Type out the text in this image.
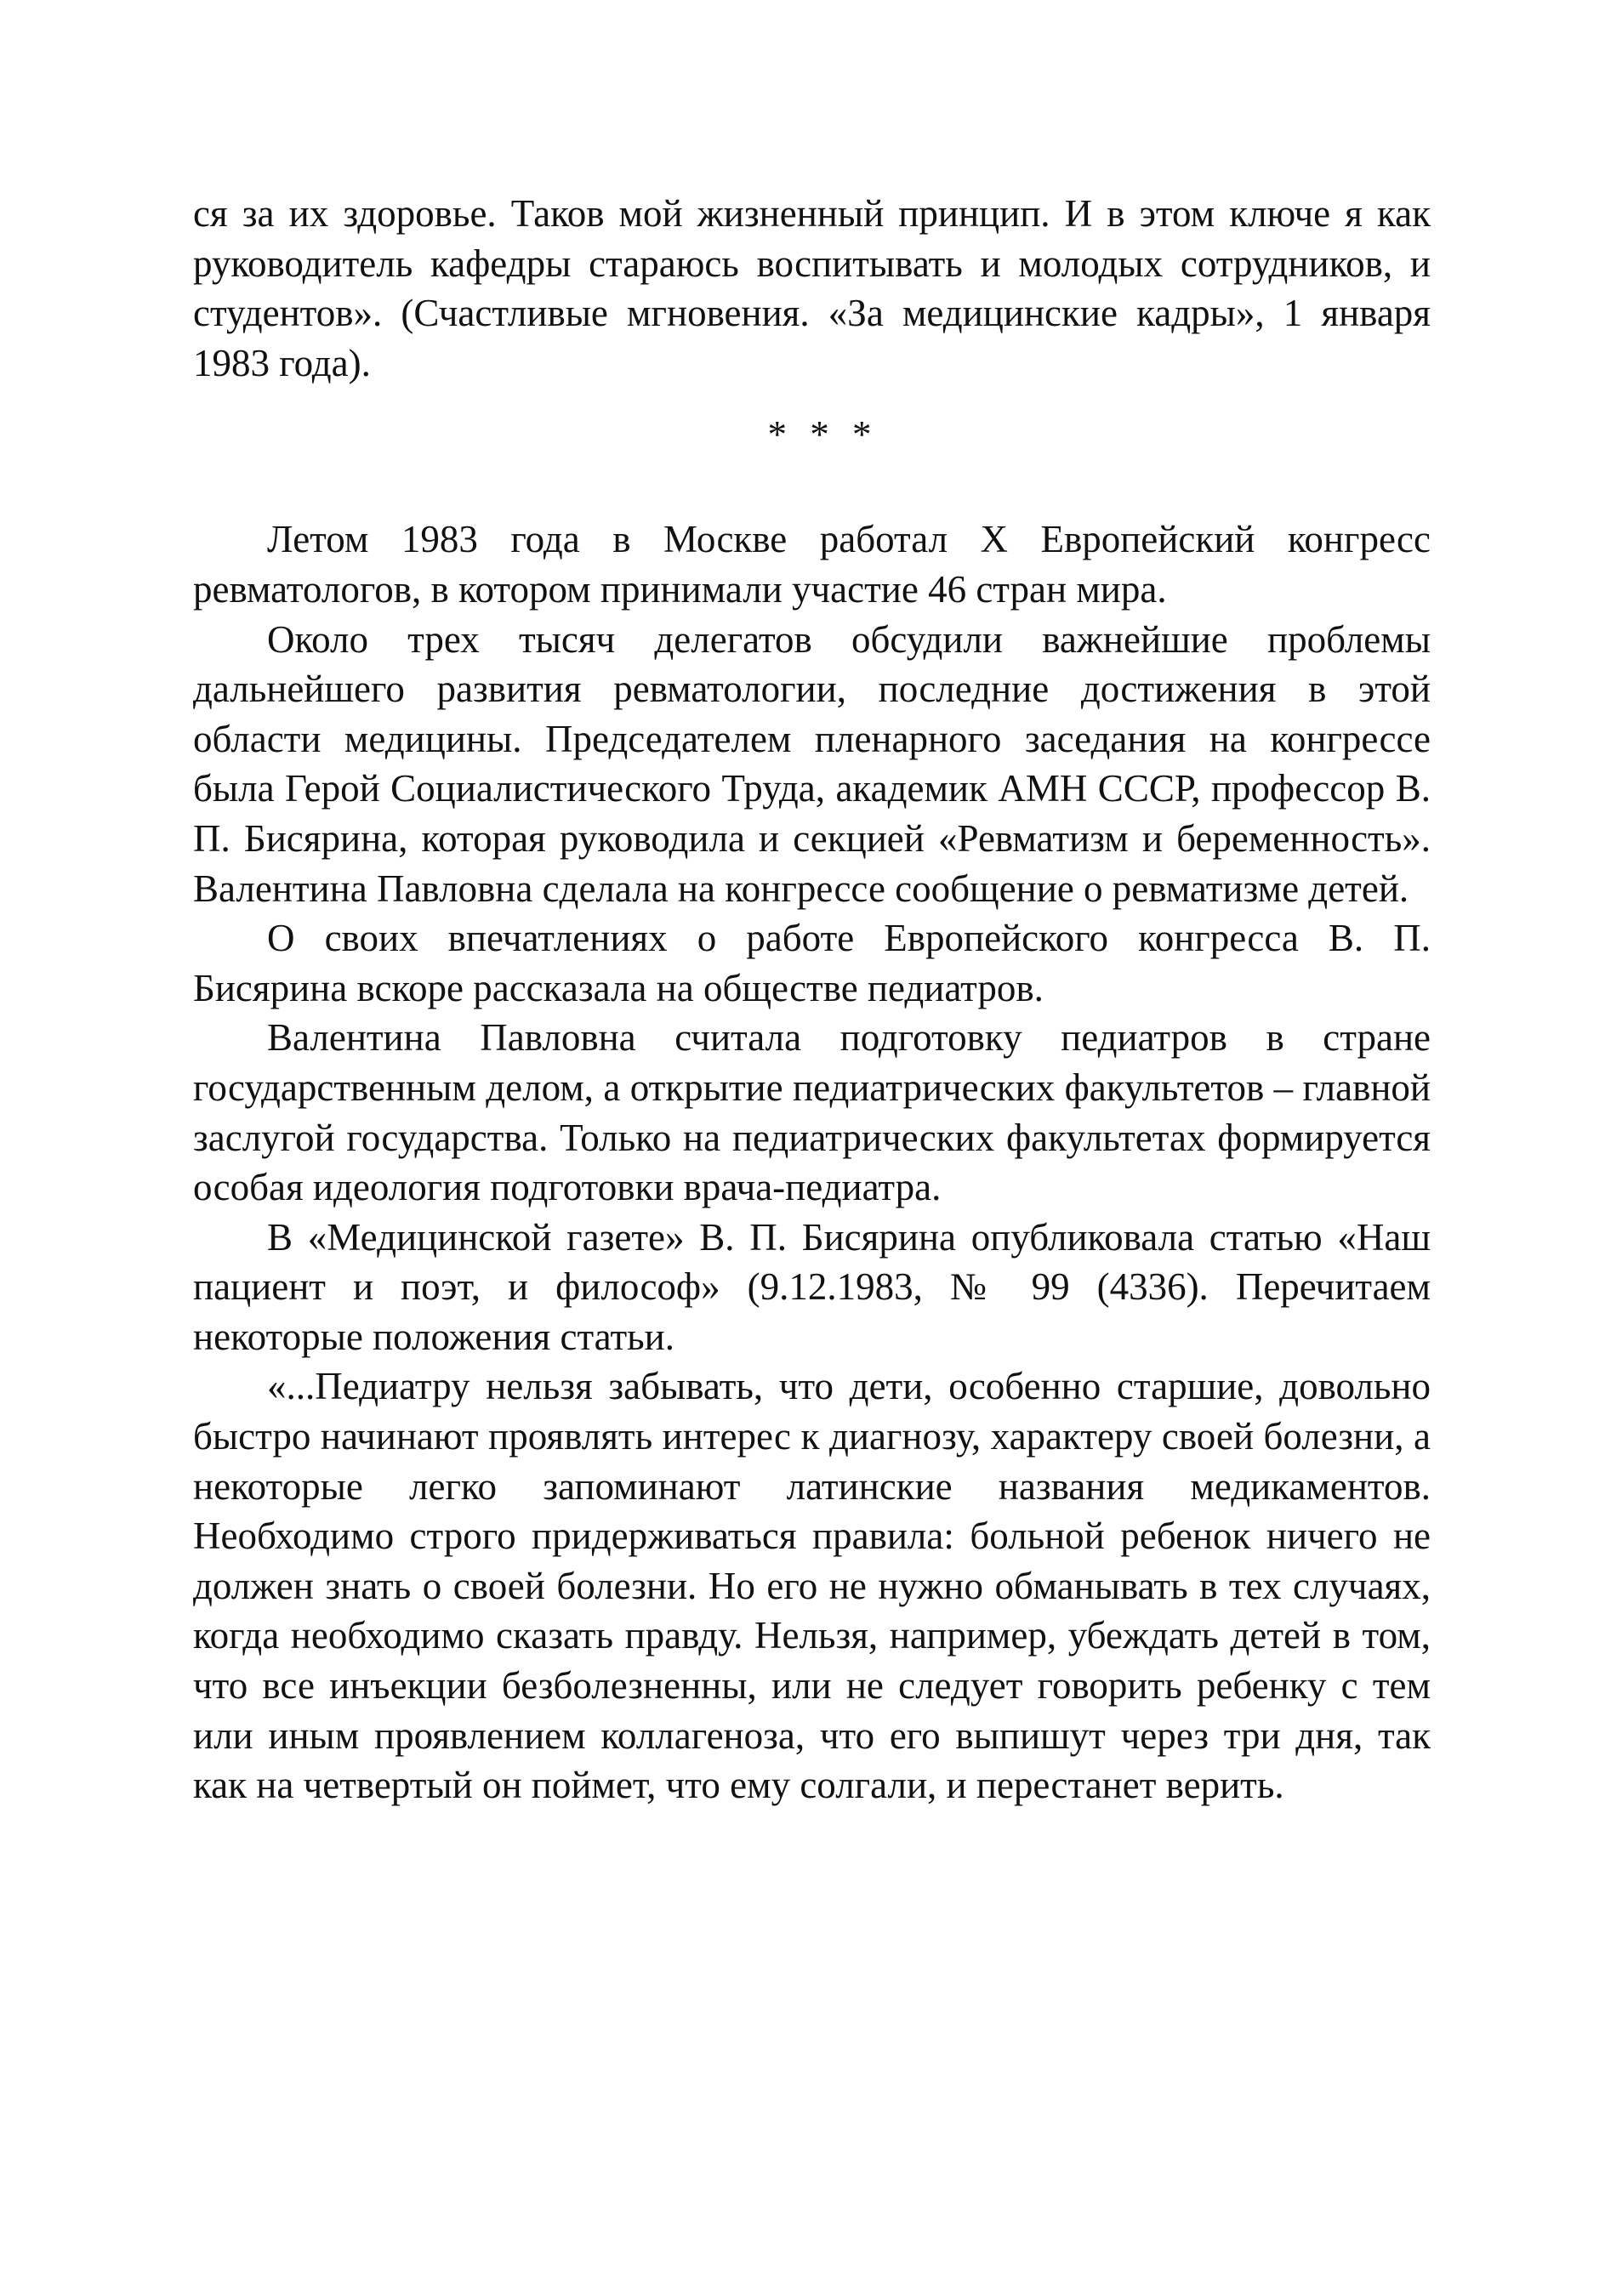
ся за их здоровье. Таков мой жизненный принцип. И в этом ключе я как руководитель кафедры стараюсь воспитывать и молодых сотрудников, и студентов». (Счастливые мгновения. «За медицинские кадры», 1 января 1983 года).

* * *

Летом 1983 года в Москве работал X Европейский конгресс ревматологов, в котором принимали участие 46 стран мира.

Около трех тысяч делегатов обсудили важнейшие проблемы дальнейшего развития ревматологии, последние достижения в этой области медицины. Председателем пленарного заседания на конгрессе была Герой Социалистического Труда, академик АМН СССР, профессор В. П. Бисярина, которая руководила и секцией «Ревматизм и беременность». Валентина Павловна сделала на конгрессе сообщение о ревматизме детей.

О своих впечатлениях о работе Европейского конгресса В. П. Бисярина вскоре рассказала на обществе педиатров.

Валентина Павловна считала подготовку педиатров в стране государственным делом, а открытие педиатрических факультетов – главной заслугой государства. Только на педиатрических факультетах формируется особая идеология подготовки врача-педиатра.

В «Медицинской газете» В. П. Бисярина опубликовала статью «Наш пациент и поэт, и философ» (9.12.1983, № 99 (4336). Перечитаем некоторые положения статьи.

«...Педиатру нельзя забывать, что дети, особенно старшие, довольно быстро начинают проявлять интерес к диагнозу, характеру своей болезни, а некоторые легко запоминают латинские названия медикаментов. Необходимо строго придерживаться правила: больной ребенок ничего не должен знать о своей болезни. Но его не нужно обманывать в тех случаях, когда необходимо сказать правду. Нельзя, например, убеждать детей в том, что все инъекции безболезненны, или не следует говорить ребенку с тем или иным проявлением коллагеноза, что его выпишут через три дня, так как на четвертый он поймет, что ему солгали, и перестанет верить.
